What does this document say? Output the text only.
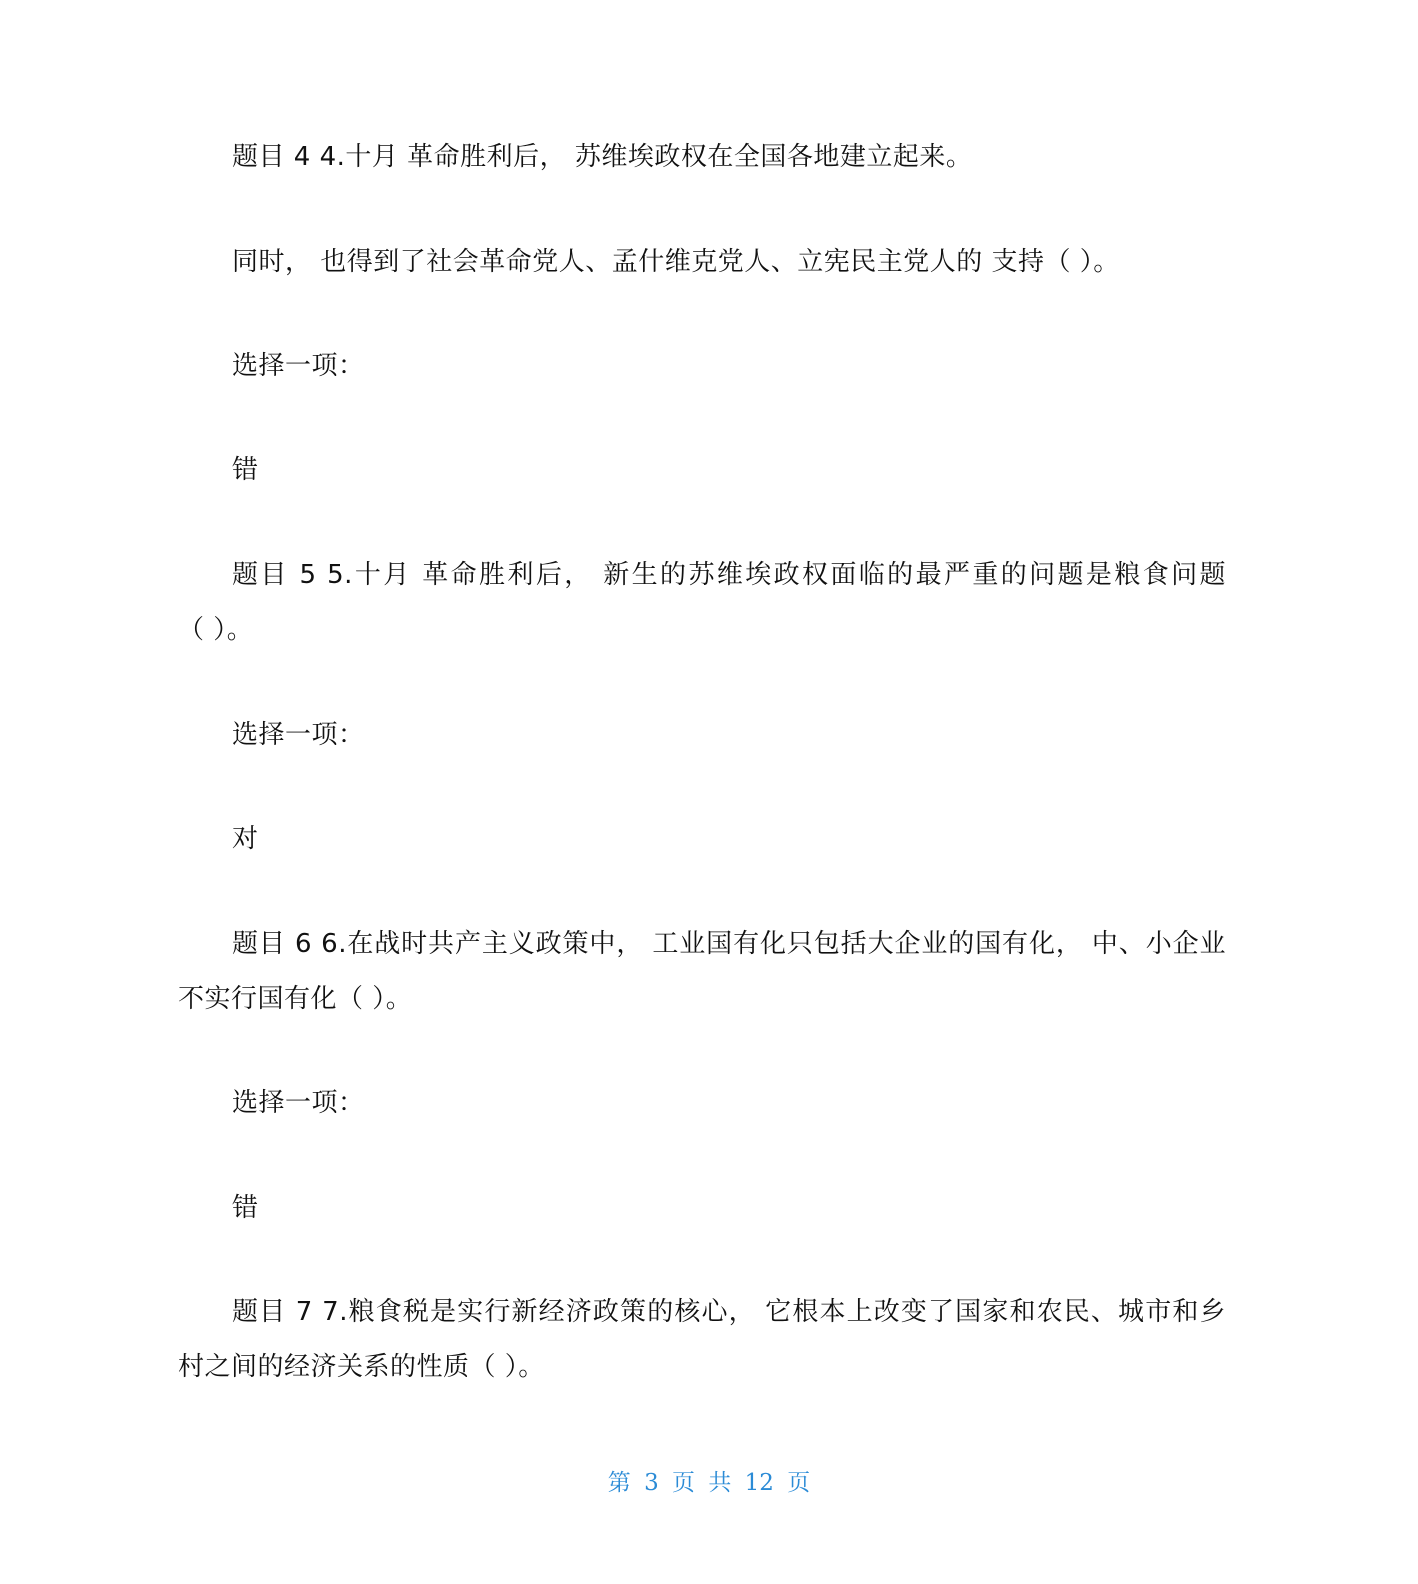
题目 4 4.十月 革命胜利后， 苏维埃政权在全国各地建立起来。
同时， 也得到了社会革命党人、孟什维克党人、立宪民主党人的 支持（ ）。
选择一项：
错
题目 5 5.十月 革命胜利后， 新生的苏维埃政权面临的最严重的问题是粮食问题
（ ）。
选择一项：
对
题目 6 6.在战时共产主义政策中， 工业国有化只包括大企业的国有化， 中、小企业
不实行国有化（ ）。
选择一项：
错
题目 7 7.粮食税是实行新经济政策的核心， 它根本上改变了国家和农民、城市和乡
村之间的经济关系的性质（ ）。
第 3 页 共 12 页
